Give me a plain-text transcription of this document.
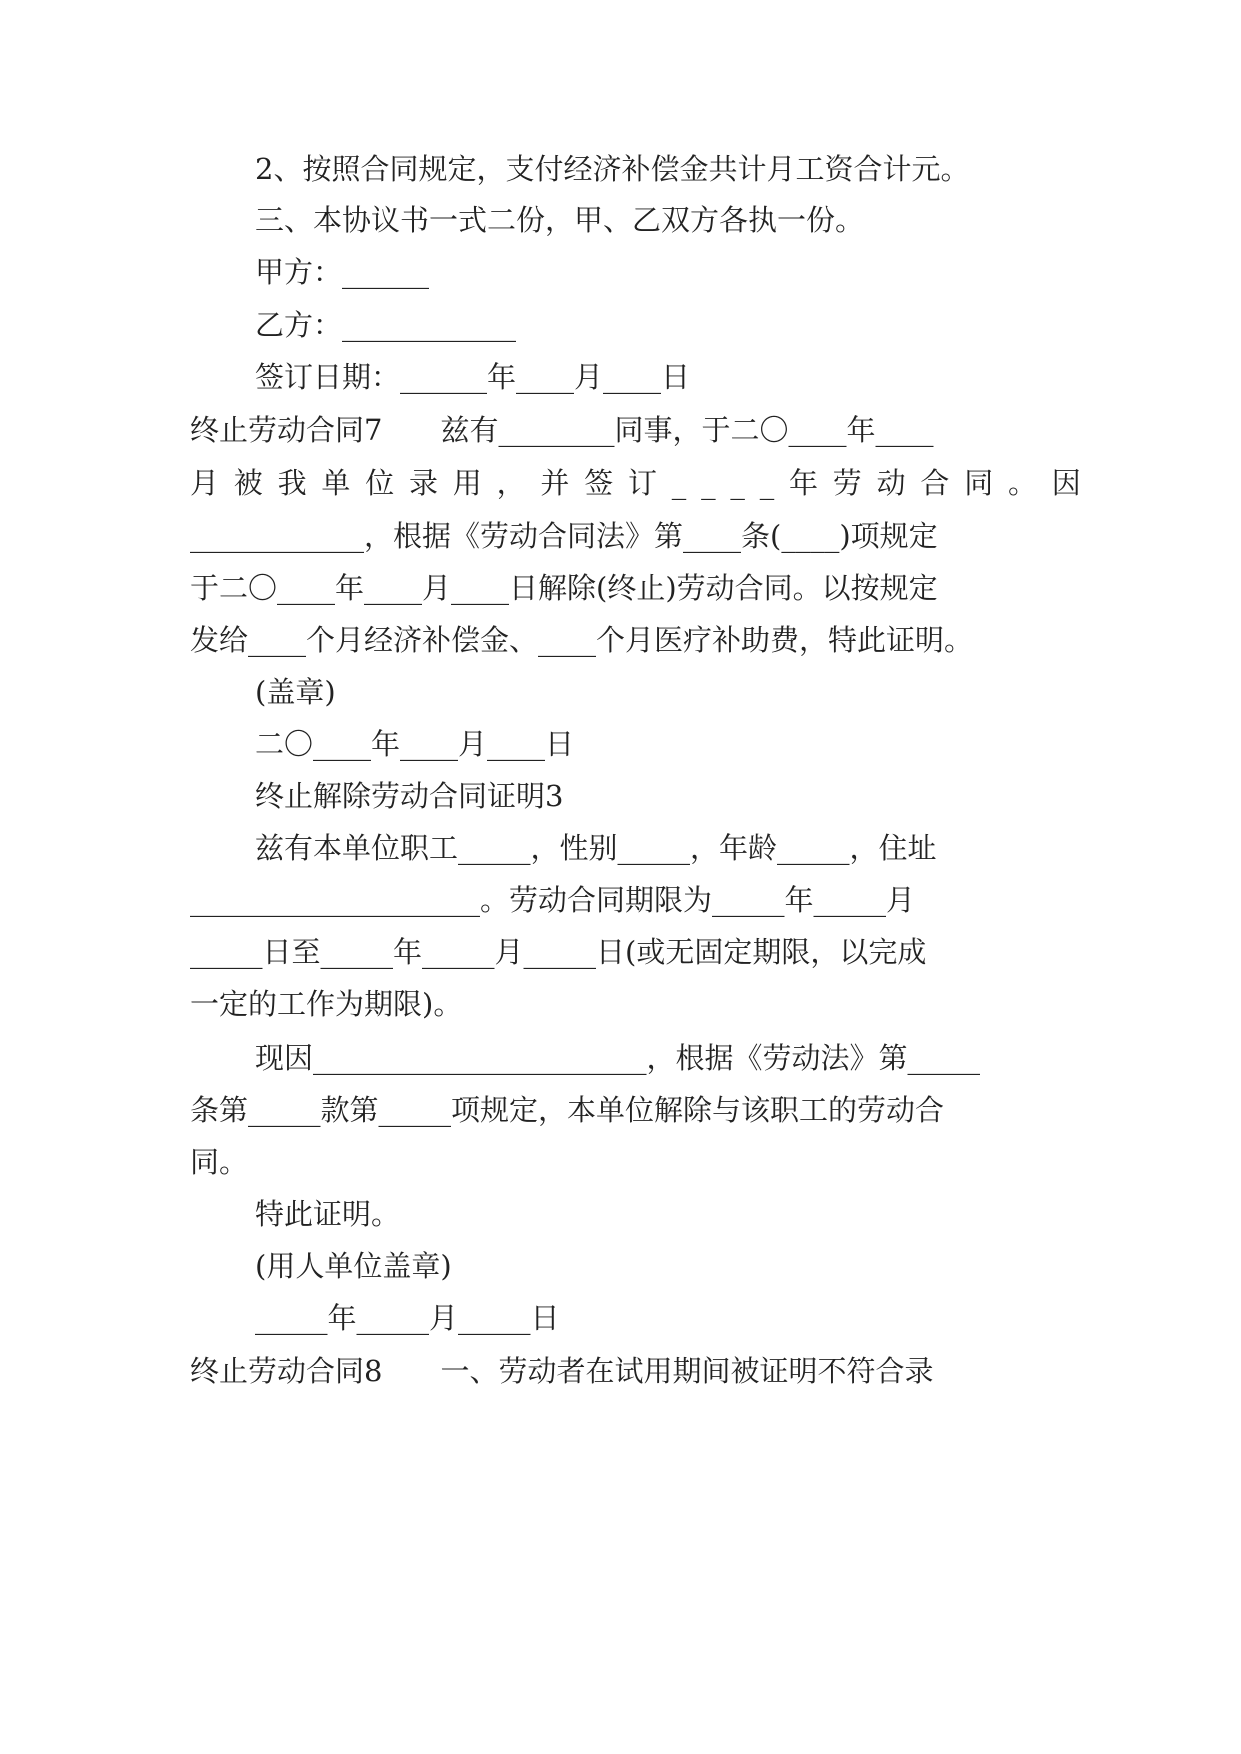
2、按照合同规定，支付经济补偿金共计月工资合计元。

三、本协议书一式二份，甲、乙双方各执一份。

甲方：______

乙方：____________

签订日期：______年____月____日

终止劳动合同7　　兹有________同事，于二〇____年____

月被我单位录用，并签订____年劳动合同。因

____________，根据《劳动合同法》第____条(____)项规定

于二〇____年____月____日解除(终止)劳动合同。以按规定

发给____个月经济补偿金、____个月医疗补助费，特此证明。

(盖章)

二〇____年____月____日

终止解除劳动合同证明3

兹有本单位职工_____，性别_____，年龄_____，住址

____________________。劳动合同期限为_____年_____月

_____日至_____年_____月_____日(或无固定期限，以完成

一定的工作为期限)。

现因_______________________，根据《劳动法》第_____

条第_____款第_____项规定，本单位解除与该职工的劳动合

同。

特此证明。

(用人单位盖章)

_____年_____月_____日

终止劳动合同8　　一、劳动者在试用期间被证明不符合录
